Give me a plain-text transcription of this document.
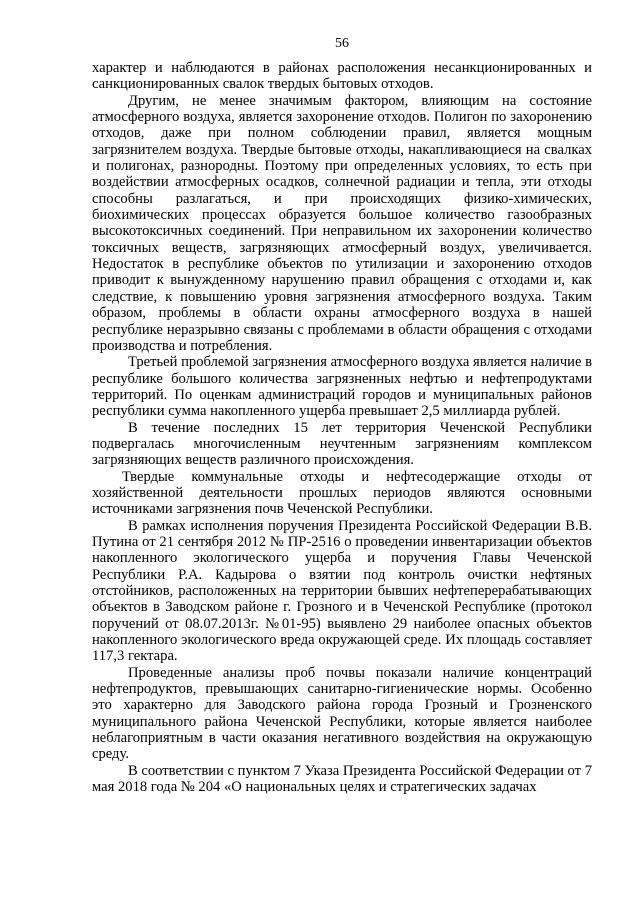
56

характер и наблюдаются в районах расположения несанкционированных и санкционированных свалок твердых бытовых отходов.

Другим, не менее значимым фактором, влияющим на состояние атмосферного воздуха, является захоронение отходов. Полигон по захоронению отходов, даже при полном соблюдении правил, является мощным загрязнителем воздуха. Твердые бытовые отходы, накапливающиеся на свалках и полигонах, разнородны. Поэтому при определенных условиях, то есть при воздействии атмосферных осадков, солнечной радиации и тепла, эти отходы способны разлагаться, и при происходящих физико-химических, биохимических процессах образуется большое количество газообразных высокотоксичных соединений. При неправильном их захоронении количество токсичных веществ, загрязняющих атмосферный воздух, увеличивается. Недостаток в республике объектов по утилизации и захоронению отходов приводит к вынужденному нарушению правил обращения с отходами и, как следствие, к повышению уровня загрязнения атмосферного воздуха. Таким образом, проблемы в области охраны атмосферного воздуха в нашей республике неразрывно связаны с проблемами в области обращения с отходами производства и потребления.

Третьей проблемой загрязнения атмосферного воздуха является наличие в республике большого количества загрязненных нефтью и нефтепродуктами территорий. По оценкам администраций городов и муниципальных районов республики сумма накопленного ущерба превышает 2,5 миллиарда рублей.

В течение последних 15 лет территория Чеченской Республики подвергалась многочисленным неучтенным загрязнениям комплексом загрязняющих веществ различного происхождения.

Твердые коммунальные отходы и нефтесодержащие отходы от хозяйственной деятельности прошлых периодов являются основными источниками загрязнения почв Чеченской Республики.

В рамках исполнения поручения Президента Российской Федерации В.В. Путина от 21 сентября 2012 № ПР-2516 о проведении инвентаризации объектов накопленного экологического ущерба и поручения Главы Чеченской Республики Р.А. Кадырова о взятии под контроль очистки нефтяных отстойников, расположенных на территории бывших нефтеперерабатывающих объектов в Заводском районе г. Грозного и в Чеченской Республике (протокол поручений от 08.07.2013г. №01-95) выявлено 29 наиболее опасных объектов накопленного экологического вреда окружающей среде. Их площадь составляет 117,3 гектара.

Проведенные анализы проб почвы показали наличие концентраций нефтепродуктов, превышающих санитарно-гигиенические нормы. Особенно это характерно для Заводского района города Грозный и Грозненского муниципального района Чеченской Республики, которые является наиболее неблагоприятным в части оказания негативного воздействия на окружающую среду.

В соответствии с пунктом 7 Указа Президента Российской Федерации от 7 мая 2018 года № 204 «О национальных целях и стратегических задачах
